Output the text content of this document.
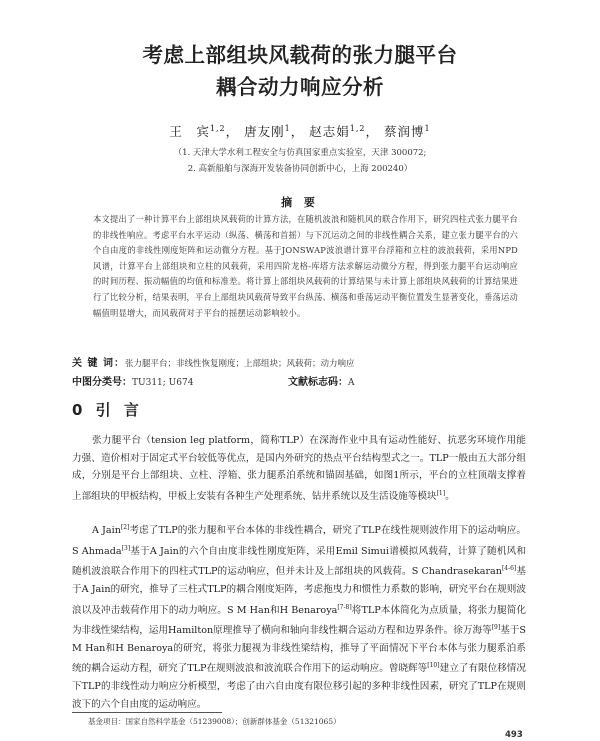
考虑上部组块风载荷的张力腿平台
耦合动力响应分析
王　宾$^{1,2}$， 唐友刚$^1$， 赵志娟$^{1,2}$， 蔡润博$^1$
（1. 天津大学水利工程安全与仿真国家重点实验室，天津 300072;
2. 高新船舶与深海开发装备协同创新中心，上海 200240）
摘 要
本文提出了一种计算平台上部组块风载荷的计算方法，在随机波浪和随机风的联合作用下，研究四柱式张力腿平台的非线性响应。考虑平台水平运动（纵荡、横荡和首摇）与下沉运动之间的非线性耦合关系，建立张力腿平台的六个自由度的非线性刚度矩阵和运动微分方程。基于JONSWAP波浪谱计算平台浮箱和立柱的波浪载荷，采用NPD风谱，计算平台上部组块和立柱的风载荷，采用四阶龙格-库塔方法求解运动微分方程，得到张力腿平台运动响应的时间历程、振动幅值的均值和标准差。将计算上部组块风载荷的计算结果与未计算上部组块风载荷的计算结果进行了比较分析，结果表明，平台上部组块风载荷导致平台纵荡、横荡和垂荡运动平衡位置发生显著变化，垂荡运动幅值明显增大，而风载荷对于平台的摇摆运动影响较小。
关 键 词：张力腿平台；非线性恢复刚度；上部组块；风载荷；动力响应
中图分类号：TU311; U674	文献标志码：A
0 引 言
张力腿平台（tension leg platform，简称TLP）在深海作业中具有运动性能好、抗恶劣环境作用能力强、造价相对于固定式平台较低等优点，是国内外研究的热点平台结构型式之一。TLP一般由五大部分组成，分别是平台上部组块、立柱、浮箱、张力腿系泊系统和锚固基础，如图1所示，平台的立柱顶端支撑着上部组块的甲板结构，甲板上安装有各种生产处理系统、钻井系统以及生活设施等模块[1]。
A Jain[2]考虑了TLP的张力腿和平台本体的非线性耦合，研究了TLP在线性规则波作用下的运动响应。S Ahmada[3]基于A Jain的六个自由度非线性刚度矩阵，采用Emil Simui谱模拟风载荷，计算了随机风和随机波浪联合作用下的四柱式TLP的运动响应，但并未计及上部组块的风载荷。S Chandrasekaran[4-6]基于A Jain的研究，推导了三柱式TLP的耦合刚度矩阵，考虑拖曳力和惯性力系数的影响，研究平台在规则波浪以及冲击载荷作用下的动力响应。S M Han和H Benaroya[7-8]将TLP本体简化为点质量，将张力腿简化为非线性梁结构，运用Hamilton原理推导了横向和轴向非线性耦合运动方程和边界条件。徐万海等[9]基于S M Han和H Benaroya的研究，将张力腿视为非线性梁结构，推导了平面情况下平台本体与张力腿系泊系统的耦合运动方程，研究了TLP在规则波浪和波流联合作用下的运动响应。曾晓辉等[10]建立了有限位移情况下TLP的非线性动力响应分析模型，考虑了由六自由度有限位移引起的多种非线性因素，研究了TLP在规则波下的六个自由度的运动响应。
基金项目：国家自然科学基金（51239008）；创新群体基金（51321065）
493
